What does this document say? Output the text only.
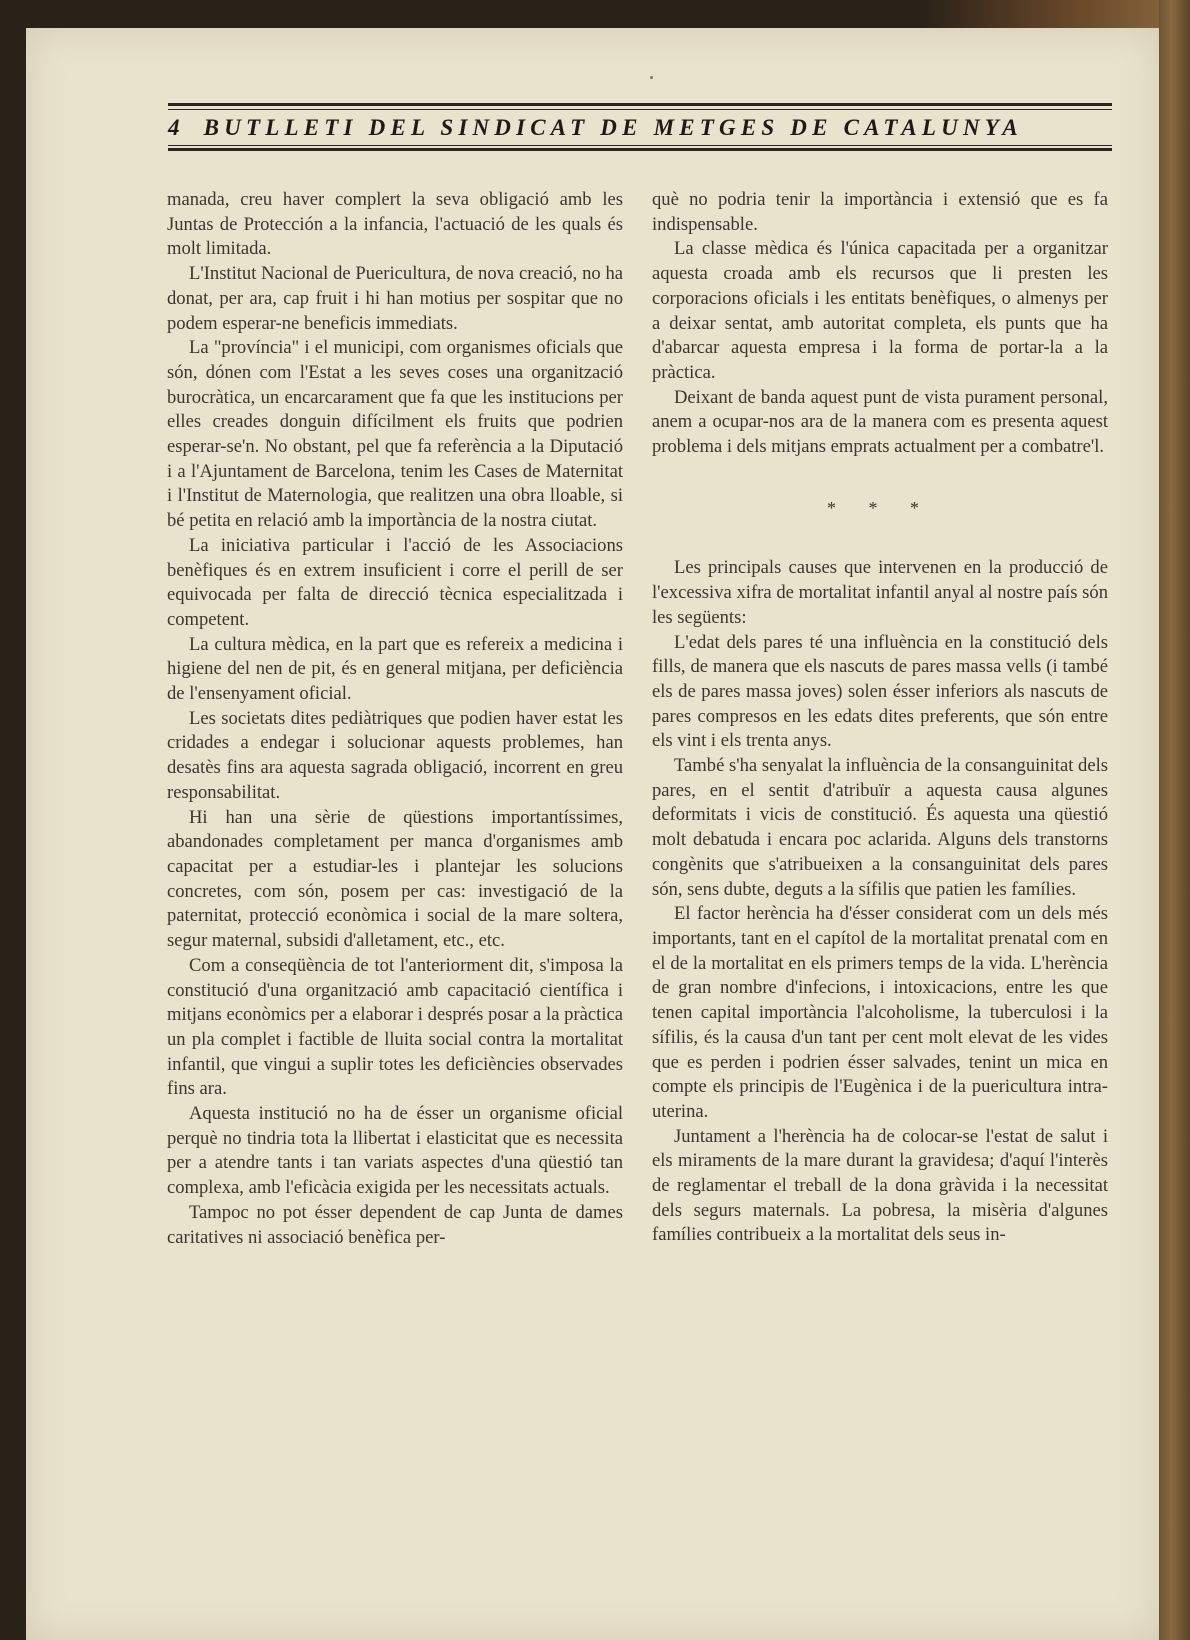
4 BUTLLETI DEL SINDICAT DE METGES DE CATALUNYA

manada, creu haver complert la seva obligació amb les Juntas de Protección a la infancia, l'actuació de les quals és molt limitada.

L'Institut Nacional de Puericultura, de nova creació, no ha donat, per ara, cap fruit i hi han motius per sospitar que no podem esperar-ne beneficis immediats.

La "província" i el municipi, com organismes oficials que són, dónen com l'Estat a les seves coses una organització burocràtica, un encarcarament que fa que les institucions per elles creades donguin difícilment els fruits que podrien esperar-se'n. No obstant, pel que fa referència a la Diputació i a l'Ajuntament de Barcelona, tenim les Cases de Maternitat i l'Institut de Maternologia, que realitzen una obra lloable, si bé petita en relació amb la importància de la nostra ciutat.

La iniciativa particular i l'acció de les Associacions benèfiques és en extrem insuficient i corre el perill de ser equivocada per falta de direcció tècnica especialitzada i competent.

La cultura mèdica, en la part que es refereix a medicina i higiene del nen de pit, és en general mitjana, per deficiència de l'ensenyament oficial.

Les societats dites pediàtriques que podien haver estat les cridades a endegar i solucionar aquests problemes, han desatès fins ara aquesta sagrada obligació, incorrent en greu responsabilitat.

Hi han una sèrie de qüestions importantíssimes, abandonades completament per manca d'organismes amb capacitat per a estudiar-les i plantejar les solucions concretes, com són, posem per cas: investigació de la paternitat, protecció econòmica i social de la mare soltera, segur maternal, subsidi d'alletament, etc., etc.

Com a conseqüència de tot l'anteriorment dit, s'imposa la constitució d'una organització amb capacitació científica i mitjans econòmics per a elaborar i després posar a la pràctica un pla complet i factible de lluita social contra la mortalitat infantil, que vingui a suplir totes les deficiències observades fins ara.

Aquesta institució no ha de ésser un organisme oficial perquè no tindria tota la llibertat i elasticitat que es necessita per a atendre tants i tan variats aspectes d'una qüestió tan complexa, amb l'eficàcia exigida per les necessitats actuals.

Tampoc no pot ésser dependent de cap Junta de dames caritatives ni associació benèfica per-

què no podria tenir la importància i extensió que es fa indispensable.

La classe mèdica és l'única capacitada per a organitzar aquesta croada amb els recursos que li presten les corporacions oficials i les entitats benèfiques, o almenys per a deixar sentat, amb autoritat completa, els punts que ha d'abarcar aquesta empresa i la forma de portar-la a la pràctica.

Deixant de banda aquest punt de vista purament personal, anem a ocupar-nos ara de la manera com es presenta aquest problema i dels mitjans emprats actualment per a combatre'l.

* * *

Les principals causes que intervenen en la producció de l'excessiva xifra de mortalitat infantil anyal al nostre país són les següents:

L'edat dels pares té una influència en la constitució dels fills, de manera que els nascuts de pares massa vells (i també els de pares massa joves) solen ésser inferiors als nascuts de pares compresos en les edats dites preferents, que són entre els vint i els trenta anys.

També s'ha senyalat la influència de la consanguinitat dels pares, en el sentit d'atribuïr a aquesta causa algunes deformitats i vicis de constitució. És aquesta una qüestió molt debatuda i encara poc aclarida. Alguns dels transtorns congènits que s'atribueixen a la consanguinitat dels pares són, sens dubte, deguts a la sífilis que patien les famílies.

El factor herència ha d'ésser considerat com un dels més importants, tant en el capítol de la mortalitat prenatal com en el de la mortalitat en els primers temps de la vida. L'herència de gran nombre d'infecions, i intoxicacions, entre les que tenen capital importància l'alcoholisme, la tuberculosi i la sífilis, és la causa d'un tant per cent molt elevat de les vides que es perden i podrien ésser salvades, tenint un mica en compte els principis de l'Eugènica i de la puericultura intra-uterina.

Juntament a l'herència ha de colocar-se l'estat de salut i els miraments de la mare durant la gravidesa; d'aquí l'interès de reglamentar el treball de la dona gràvida i la necessitat dels segurs maternals. La pobresa, la misèria d'algunes famílies contribueix a la mortalitat dels seus in-
